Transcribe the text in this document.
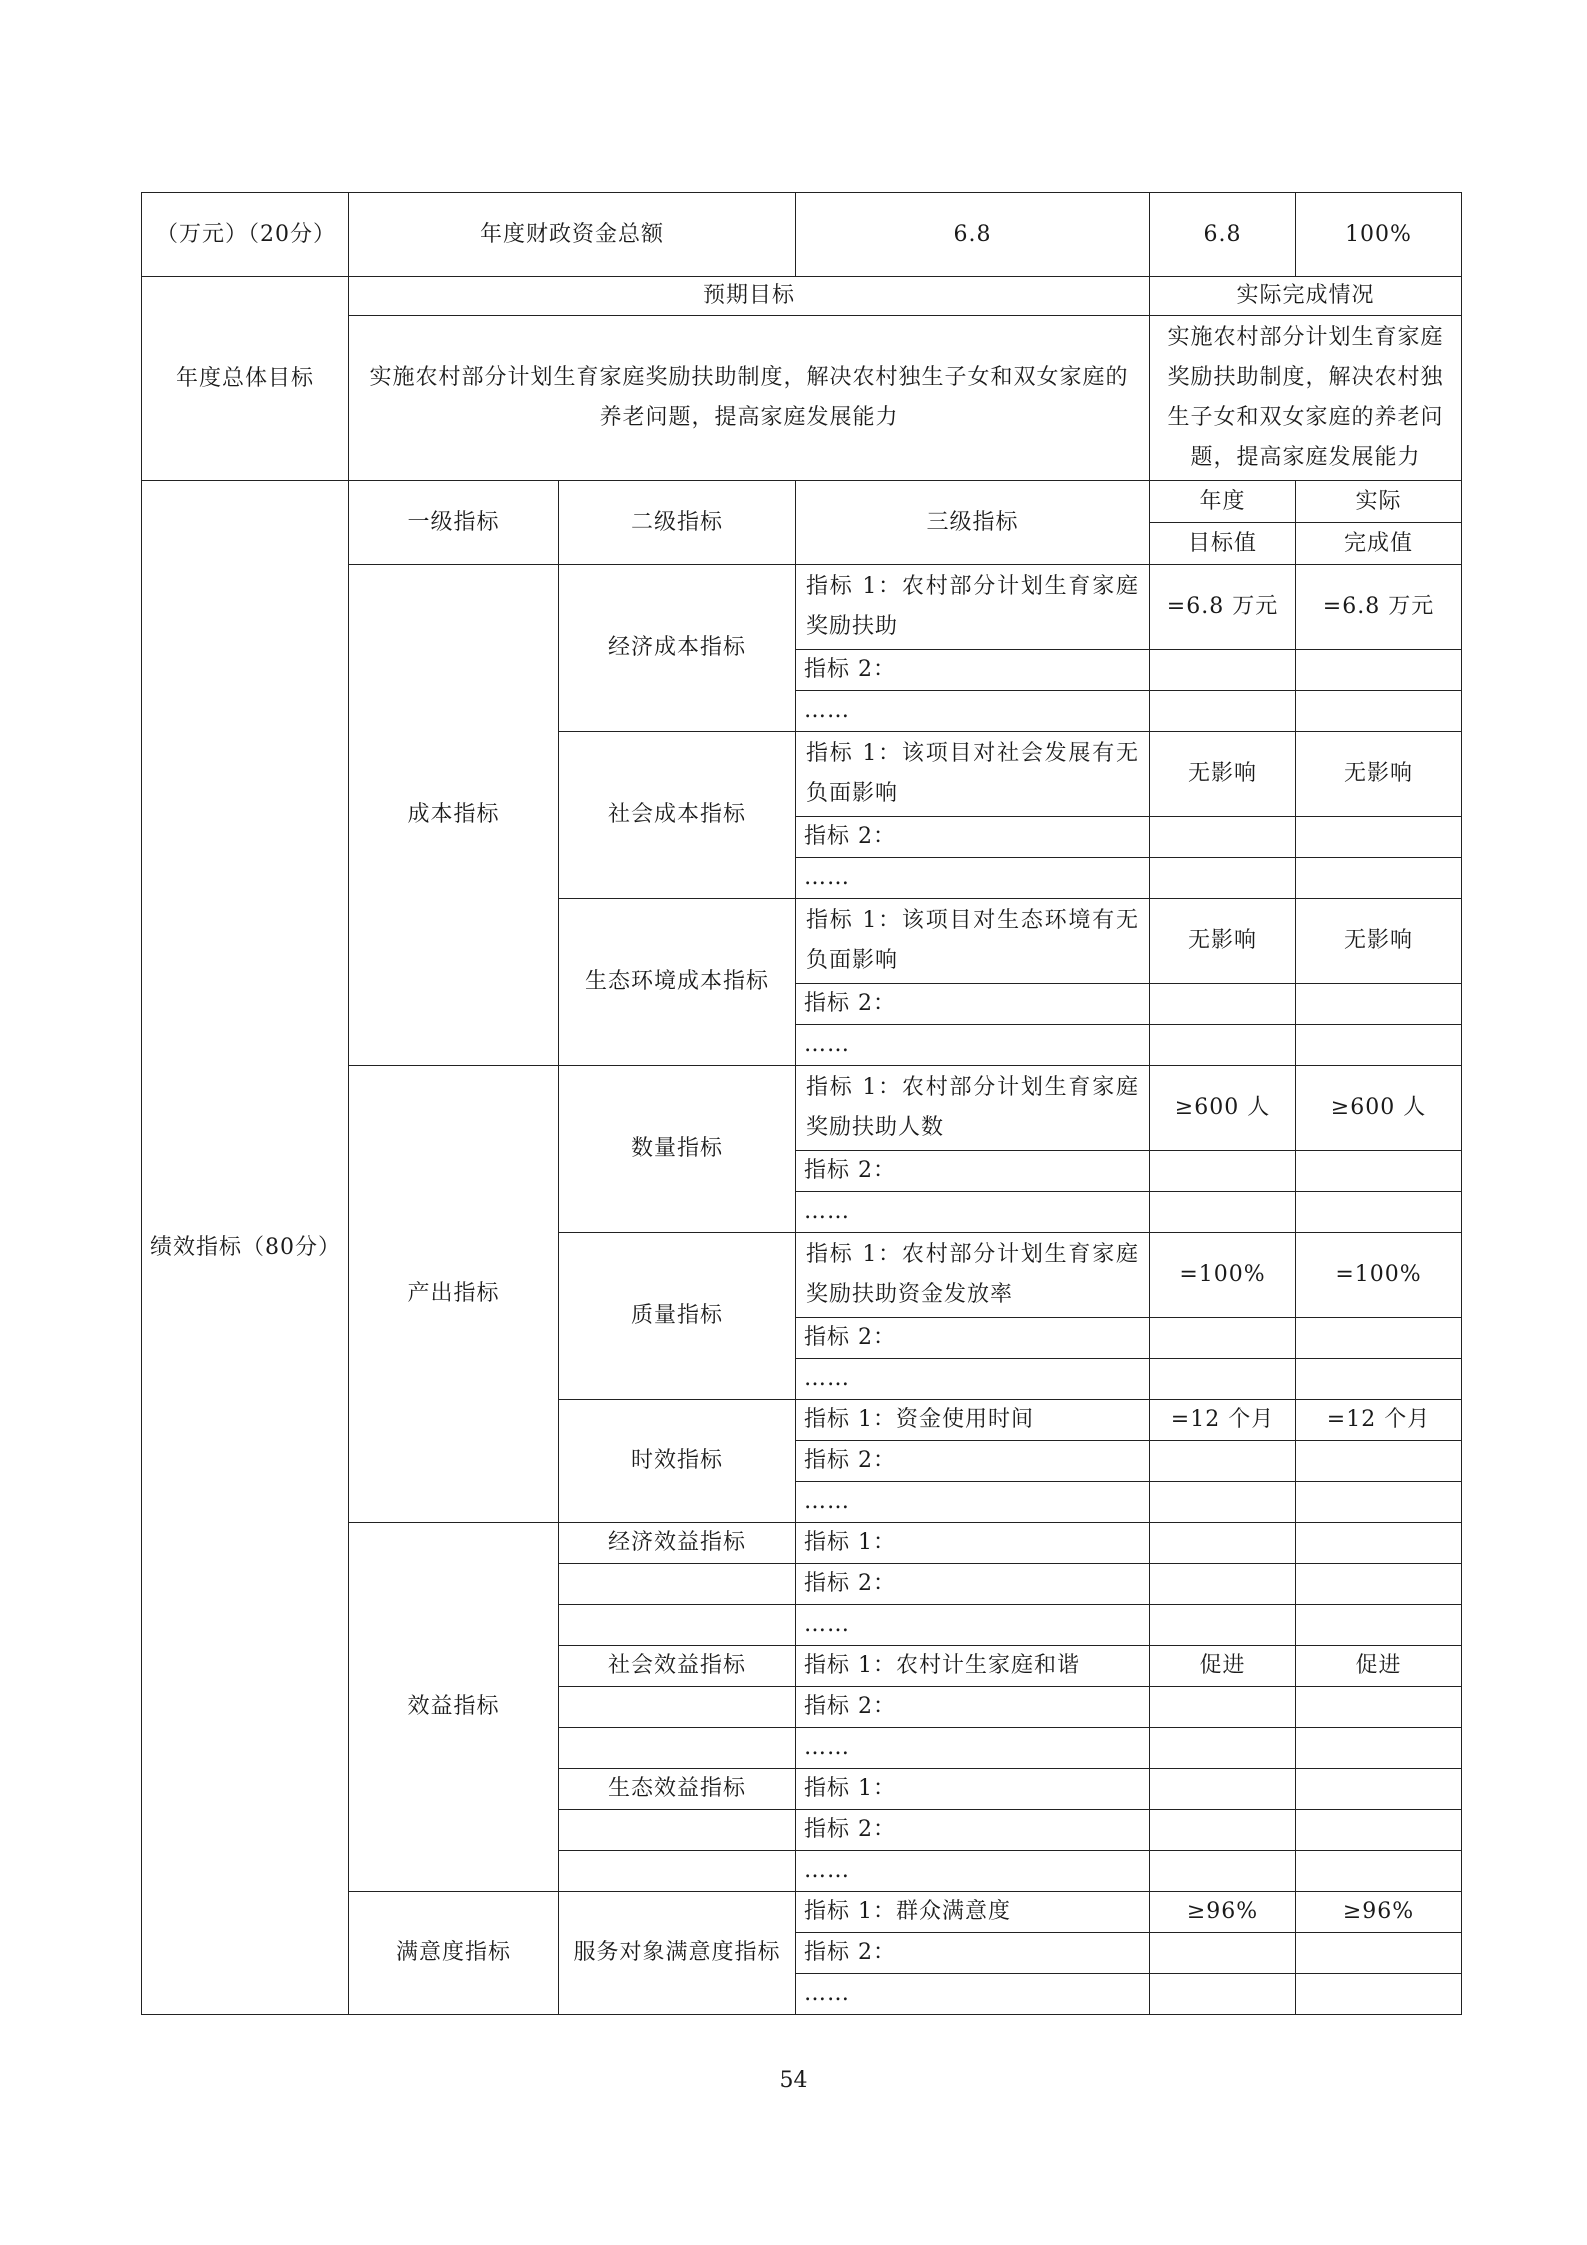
（万元）（20分）	年度财政资金总额		6.8	6.8	100%
年度总体目标	预期目标			实际完成情况	
	实施农村部分计划生育家庭奖励扶助制度，解决农村独生子女和双女家庭的养老问题，提高家庭发展能力			实施农村部分计划生育家庭奖励扶助制度，解决农村独生子女和双女家庭的养老问题，提高家庭发展能力	
绩效指标（80分）	一级指标	二级指标	三级指标	年度	实际
				目标值	完成值
	成本指标	经济成本指标	指标 1：农村部分计划生育家庭奖励扶助	=6.8 万元	=6.8 万元

			指标 2：		
			……		
		社会成本指标	指标 1：该项目对社会发展有无负面影响	无影响	无影响

			指标 2：		
			……		
		生态环境成本指标	指标 1：该项目对生态环境有无负面影响	无影响	无影响

			指标 2：		
			……		
	产出指标	数量指标	指标 1：农村部分计划生育家庭奖励扶助人数	≥600 人	≥600 人

			指标 2：		
			……		
		质量指标	指标 1：农村部分计划生育家庭奖励扶助资金发放率	=100%	=100%

			指标 2：		
			……		
		时效指标	指标 1：资金使用时间	=12 个月	=12 个月
			指标 2：		
			……		
	效益指标	经济效益指标	指标 1：		
			指标 2：		
			……		
		社会效益指标	指标 1：农村计生家庭和谐	促进	促进
			指标 2：		
			……		
		生态效益指标	指标 1：		
			指标 2：		
			……		
	满意度指标	服务对象满意度指标	指标 1：群众满意度	≥96%	≥96%
			指标 2：		
			……		
54
